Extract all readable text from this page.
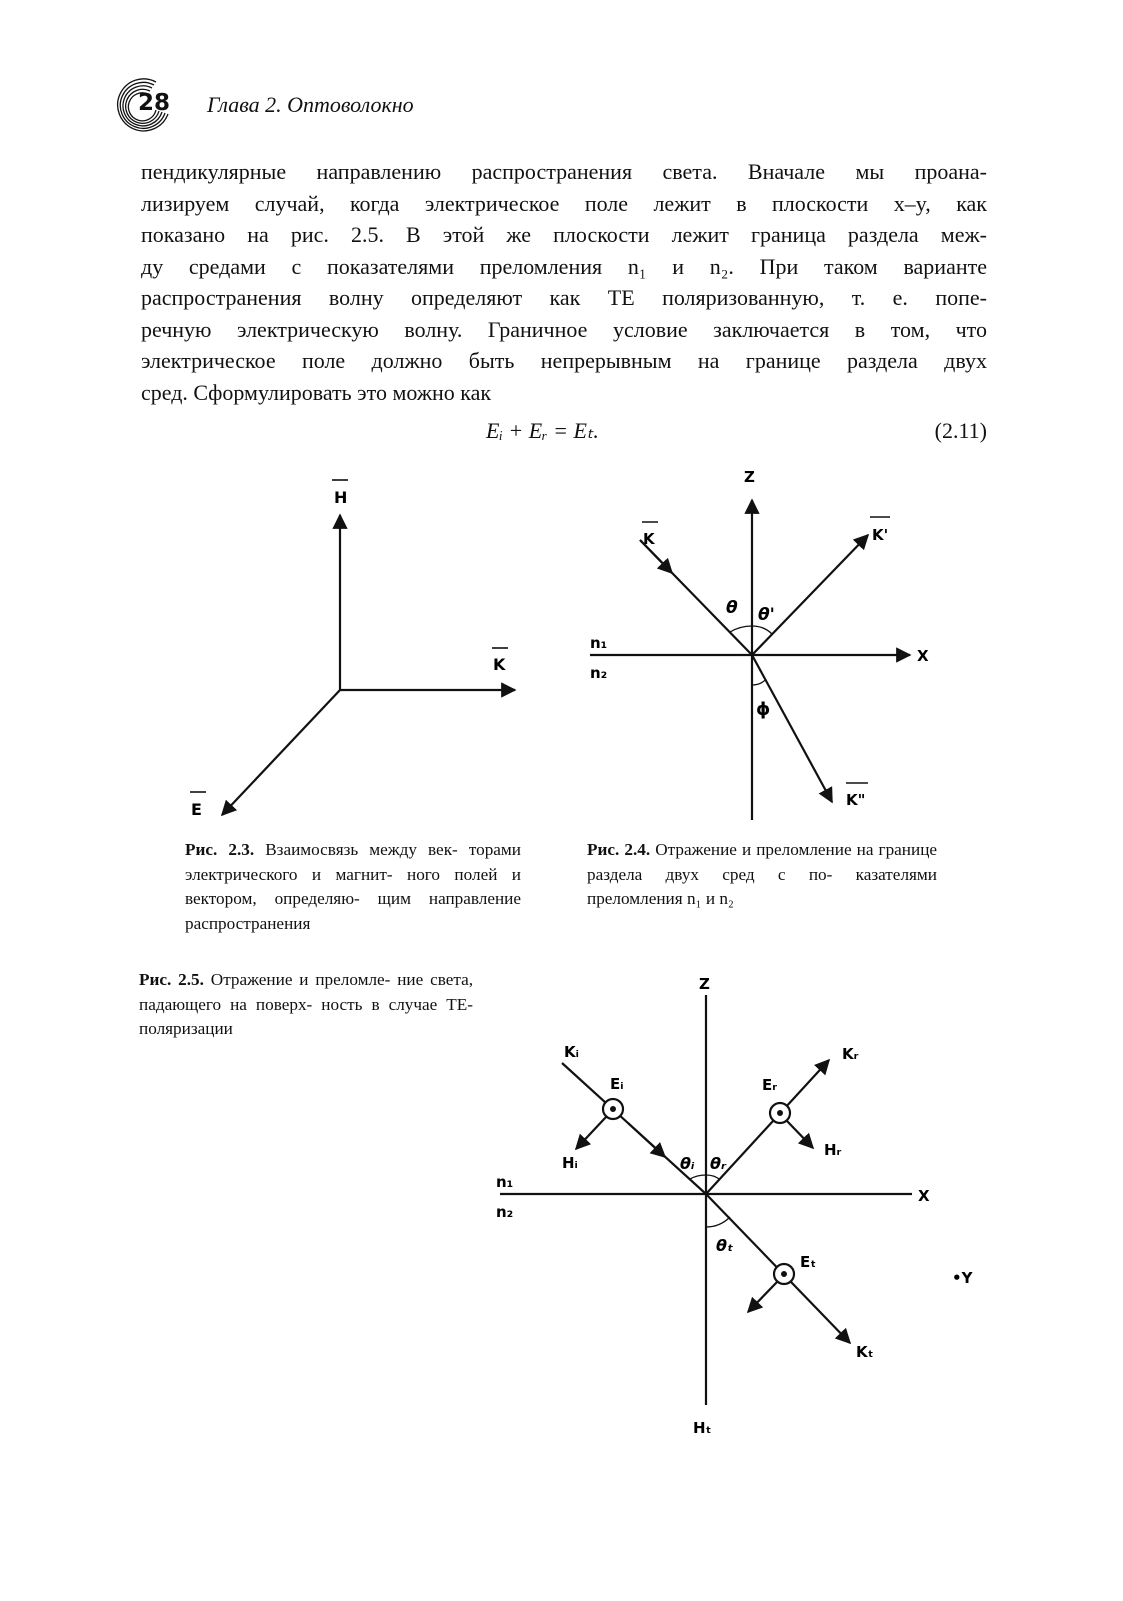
28 Глава 2. Оптоволокно
пендикулярные направлению распространения света. Вначале мы проана-
лизируем случай, когда электрическое поле лежит в плоскости x–y, как
показано на рис. 2.5. В этой же плоскости лежит граница раздела меж-
ду средами с показателями преломления n₁ и n₂. При таком варианте
распространения волну определяют как TE поляризованную, т. е. попе-
речную электрическую волну. Граничное условие заключается в том, что
электрическое поле должно быть непрерывным на границе раздела двух
сред. Сформулировать это можно как
Eᵢ + Eᵣ = Eₜ.	(2.11)
H
K
E
Рис. 2.3. Взаимосвязь между век- торами электрического и магнит- ного полей и вектором, определяю- щим направление распространения
Z
X
K	K'
K"
θ θ'
ϕ
n₁
n₂
Рис. 2.4. Отражение и преломление на границе раздела двух сред с по- казателями преломления n₁ и n₂
Рис. 2.5. Отражение и преломле- ние света, падающего на поверх- ность в случае TE-поляризации
Z
X
•Y
n₁
n₂
Kᵢ
Eᵢ
Hᵢ
Kᵣ
Eᵣ
Hᵣ
Kₜ
Eₜ
Hₜ
θᵢ θᵣ
θₜ
